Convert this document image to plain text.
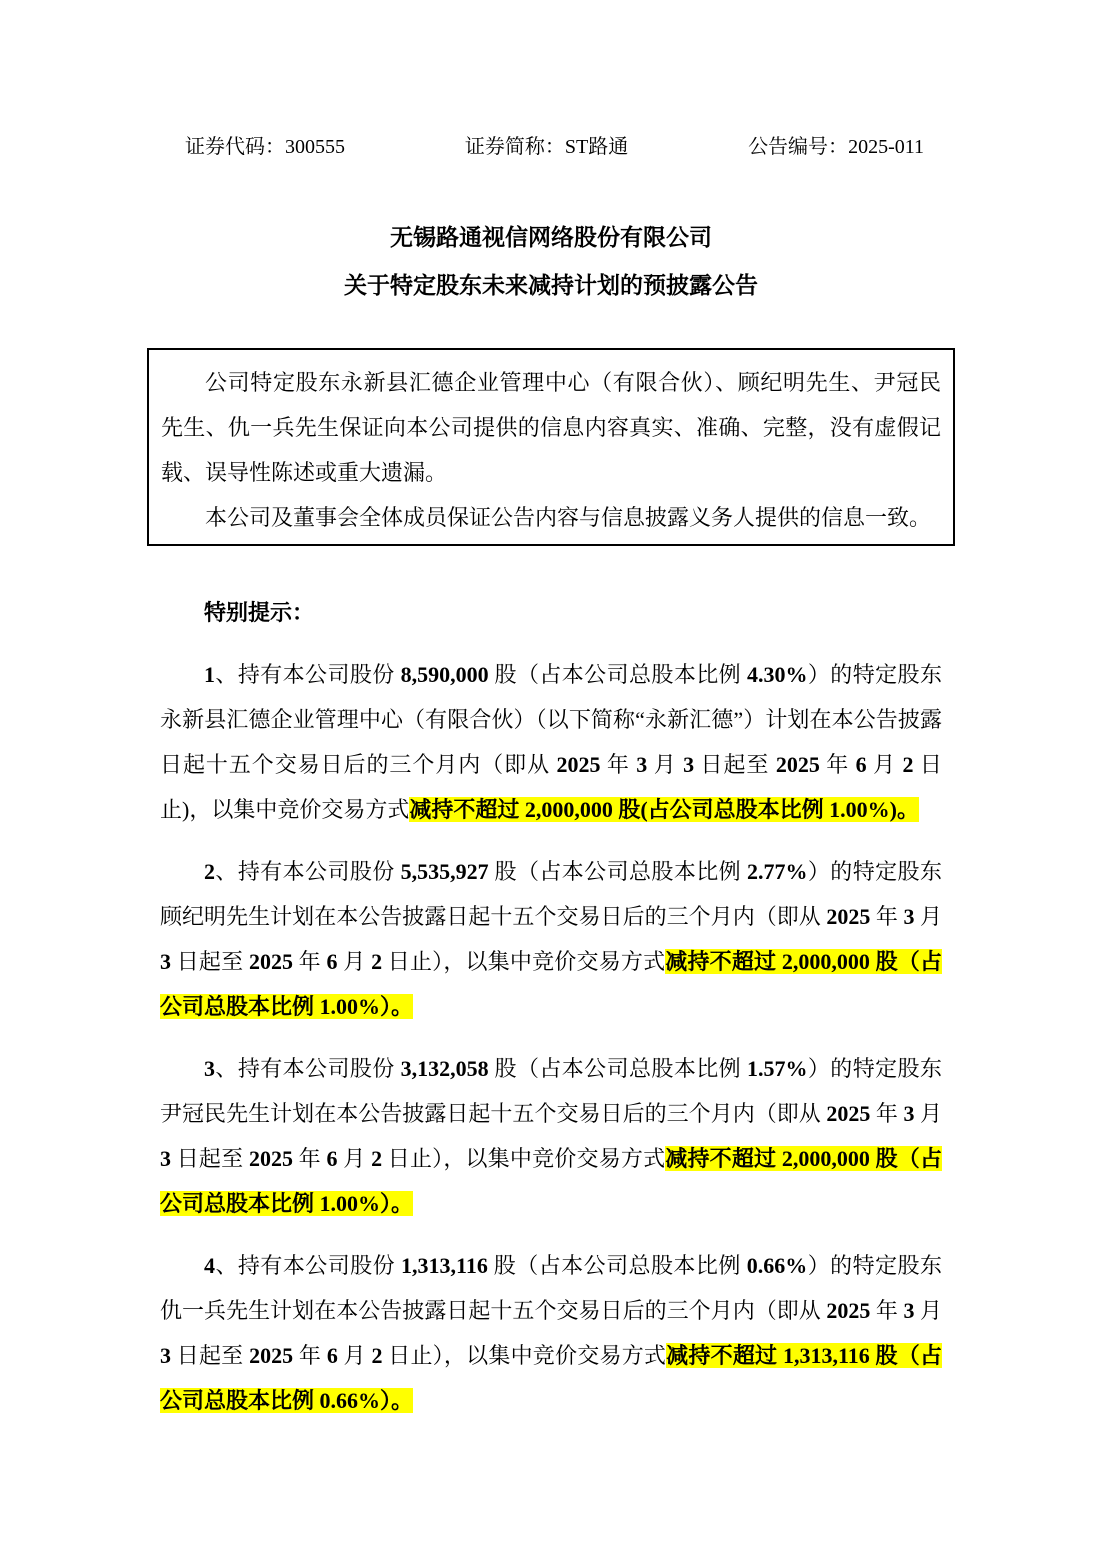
证券代码：300555	证券简称：ST路通	公告编号：2025-011
无锡路通视信网络股份有限公司
关于特定股东未来减持计划的预披露公告

公司特定股东永新县汇德企业管理中心（有限合伙）、顾纪明先生、尹冠民先生、仇一兵先生保证向本公司提供的信息内容真实、准确、完整，没有虚假记载、误导性陈述或重大遗漏。

本公司及董事会全体成员保证公告内容与信息披露义务人提供的信息一致。

特别提示：

1、持有本公司股份 8,590,000 股（占本公司总股本比例 4.30%）的特定股东永新县汇德企业管理中心（有限合伙）（以下简称“永新汇德”）计划在本公告披露日起十五个交易日后的三个月内（即从 2025 年 3 月 3 日起至 2025 年 6 月 2 日止)，以集中竞价交易方式减持不超过 2,000,000 股(占公司总股本比例 1.00%)。

2、持有本公司股份 5,535,927 股（占本公司总股本比例 2.77%）的特定股东顾纪明先生计划在本公告披露日起十五个交易日后的三个月内（即从 2025 年 3 月 3 日起至 2025 年 6 月 2 日止），以集中竞价交易方式减持不超过 2,000,000 股（占公司总股本比例 1.00%）。

3、持有本公司股份 3,132,058 股（占本公司总股本比例 1.57%）的特定股东尹冠民先生计划在本公告披露日起十五个交易日后的三个月内（即从 2025 年 3 月 3 日起至 2025 年 6 月 2 日止），以集中竞价交易方式减持不超过 2,000,000 股（占公司总股本比例 1.00%）。

4、持有本公司股份 1,313,116 股（占本公司总股本比例 0.66%）的特定股东仇一兵先生计划在本公告披露日起十五个交易日后的三个月内（即从 2025 年 3 月 3 日起至 2025 年 6 月 2 日止），以集中竞价交易方式减持不超过 1,313,116 股（占公司总股本比例 0.66%）。
